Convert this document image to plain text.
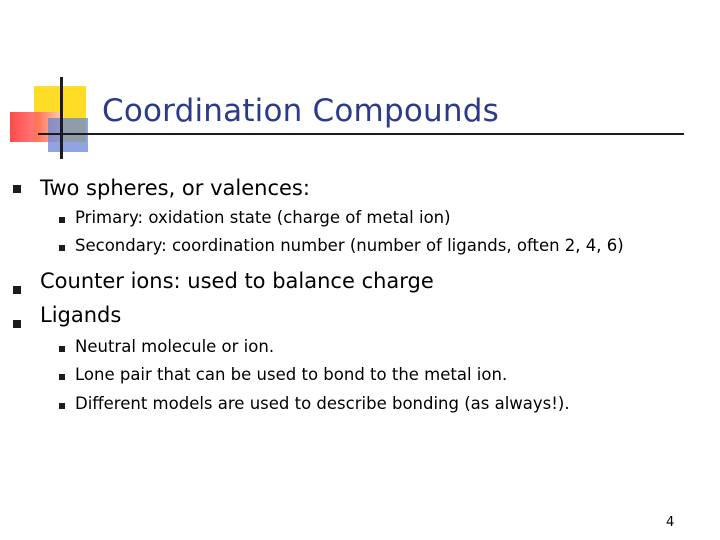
Coordination Compounds
Two spheres, or valences:
Primary: oxidation state (charge of metal ion)
Secondary: coordination number (number of ligands, often 2, 4, 6)
Counter ions: used to balance charge
Ligands
Neutral molecule or ion.
Lone pair that can be used to bond to the metal ion.
Different models are used to describe bonding (as always!).
4
